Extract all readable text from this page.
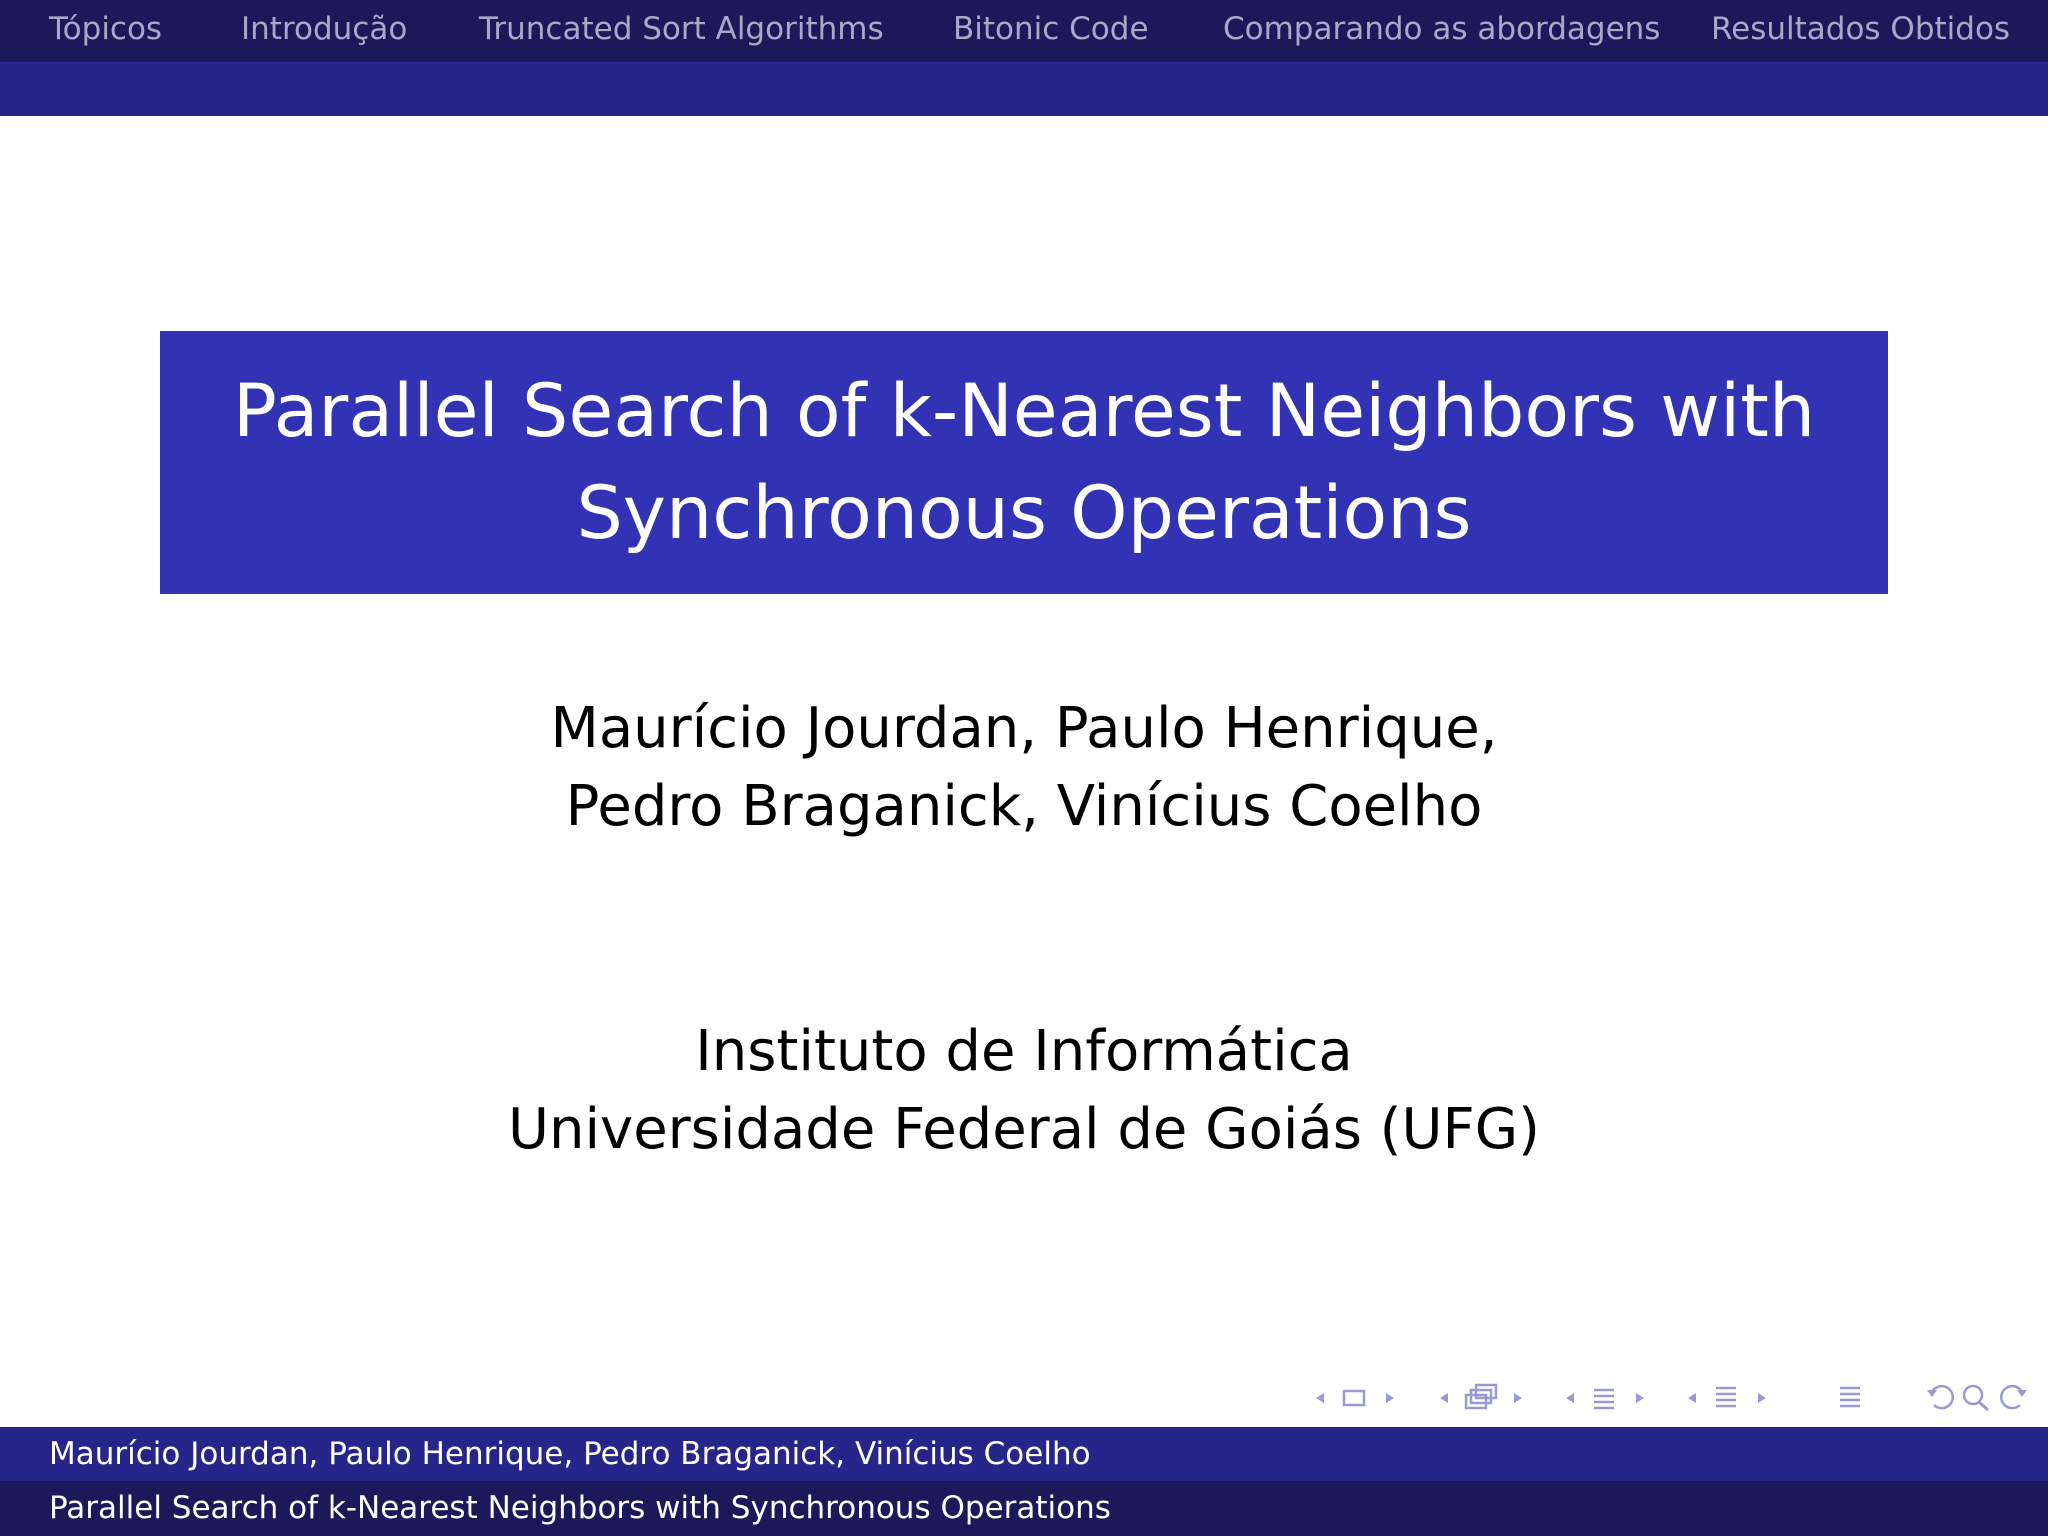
Tópicos	Introdução Truncated Sort Algorithms Bitonic Code Comparando as abordagens Resultados Obtidos
Parallel Search of k-Nearest Neighbors with
Synchronous Operations
Maurício Jourdan, Paulo Henrique,
Pedro Braganick, Vinícius Coelho
Instituto de Informática
Universidade Federal de Goiás (UFG)
Maurício Jourdan, Paulo Henrique, Pedro Braganick, Vinícius Coelho
Parallel Search of k-Nearest Neighbors with Synchronous Operations
